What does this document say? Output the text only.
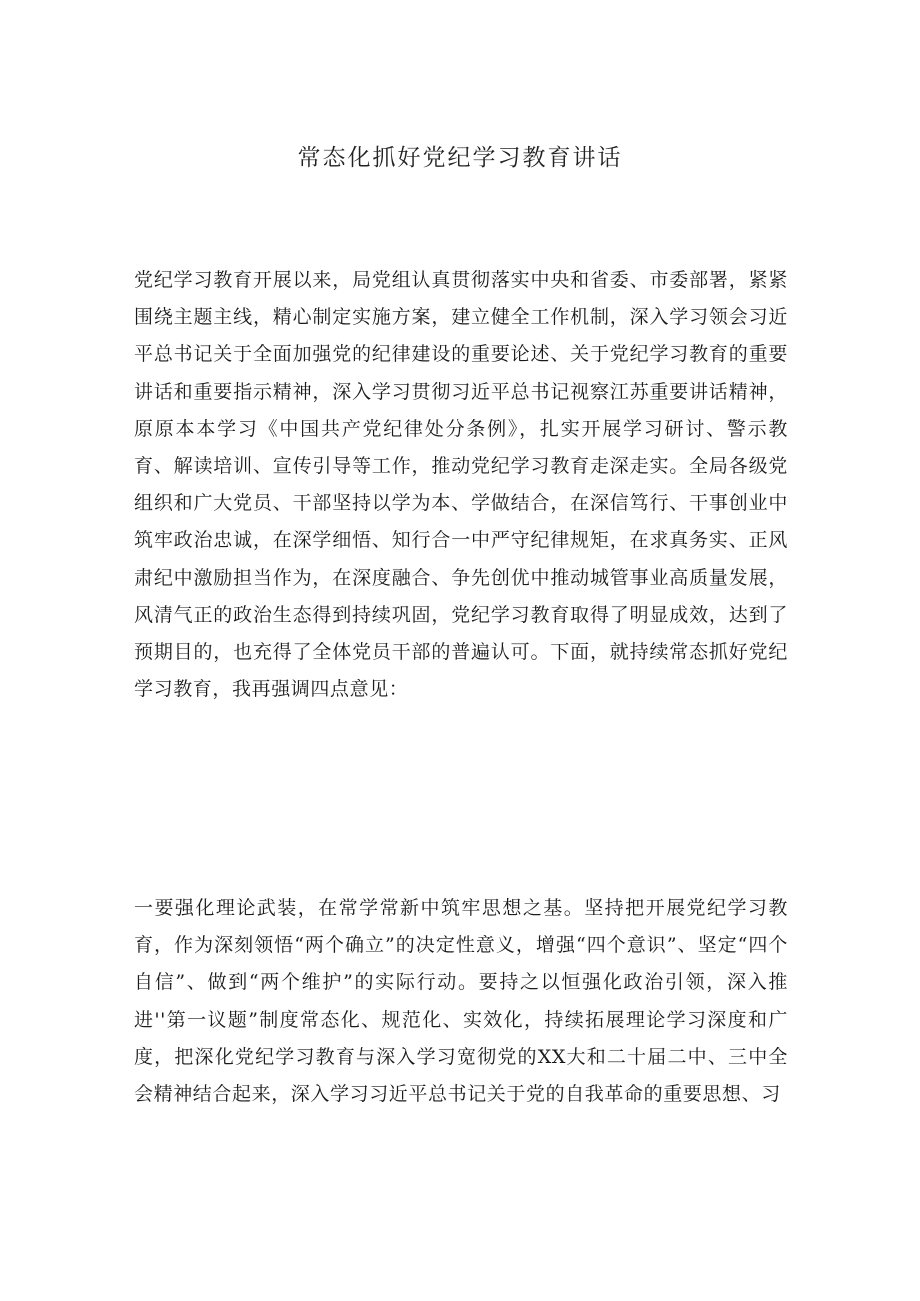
常态化抓好党纪学习教育讲话
党纪学习教育开展以来，局党组认真贯彻落实中央和省委、市委部署，紧紧围绕主题主线，精心制定实施方案，建立健全工作机制，深入学习领会习近平总书记关于全面加强党的纪律建设的重要论述、关于党纪学习教育的重要讲话和重要指示精神，深入学习贯彻习近平总书记视察江苏重要讲话精神，原原本本学习《中国共产党纪律处分条例》，扎实开展学习研讨、警示教育、解读培训、宣传引导等工作，推动党纪学习教育走深走实。全局各级党组织和广大党员、干部坚持以学为本、学做结合，在深信笃行、干事创业中筑牢政治忠诚，在深学细悟、知行合一中严守纪律规矩，在求真务实、正风肃纪中激励担当作为，在深度融合、争先创优中推动城管事业高质量发展，风清气正的政治生态得到持续巩固，党纪学习教育取得了明显成效，达到了预期目的，也充得了全体党员干部的普遍认可。下面，就持续常态抓好党纪学习教育，我再强调四点意见：
一要强化理论武装，在常学常新中筑牢思想之基。坚持把开展党纪学习教育，作为深刻领悟“两个确立”的决定性意义，增强“四个意识”、坚定“四个自信”、做到“两个维护”的实际行动。要持之以恒强化政治引领，深入推进''第一议题”制度常态化、规范化、实效化，持续拓展理论学习深度和广度，把深化党纪学习教育与深入学习宽彻党的XX大和二十届二中、三中全会精神结合起来，深入学习习近平总书记关于党的自我革命的重要思想、习
